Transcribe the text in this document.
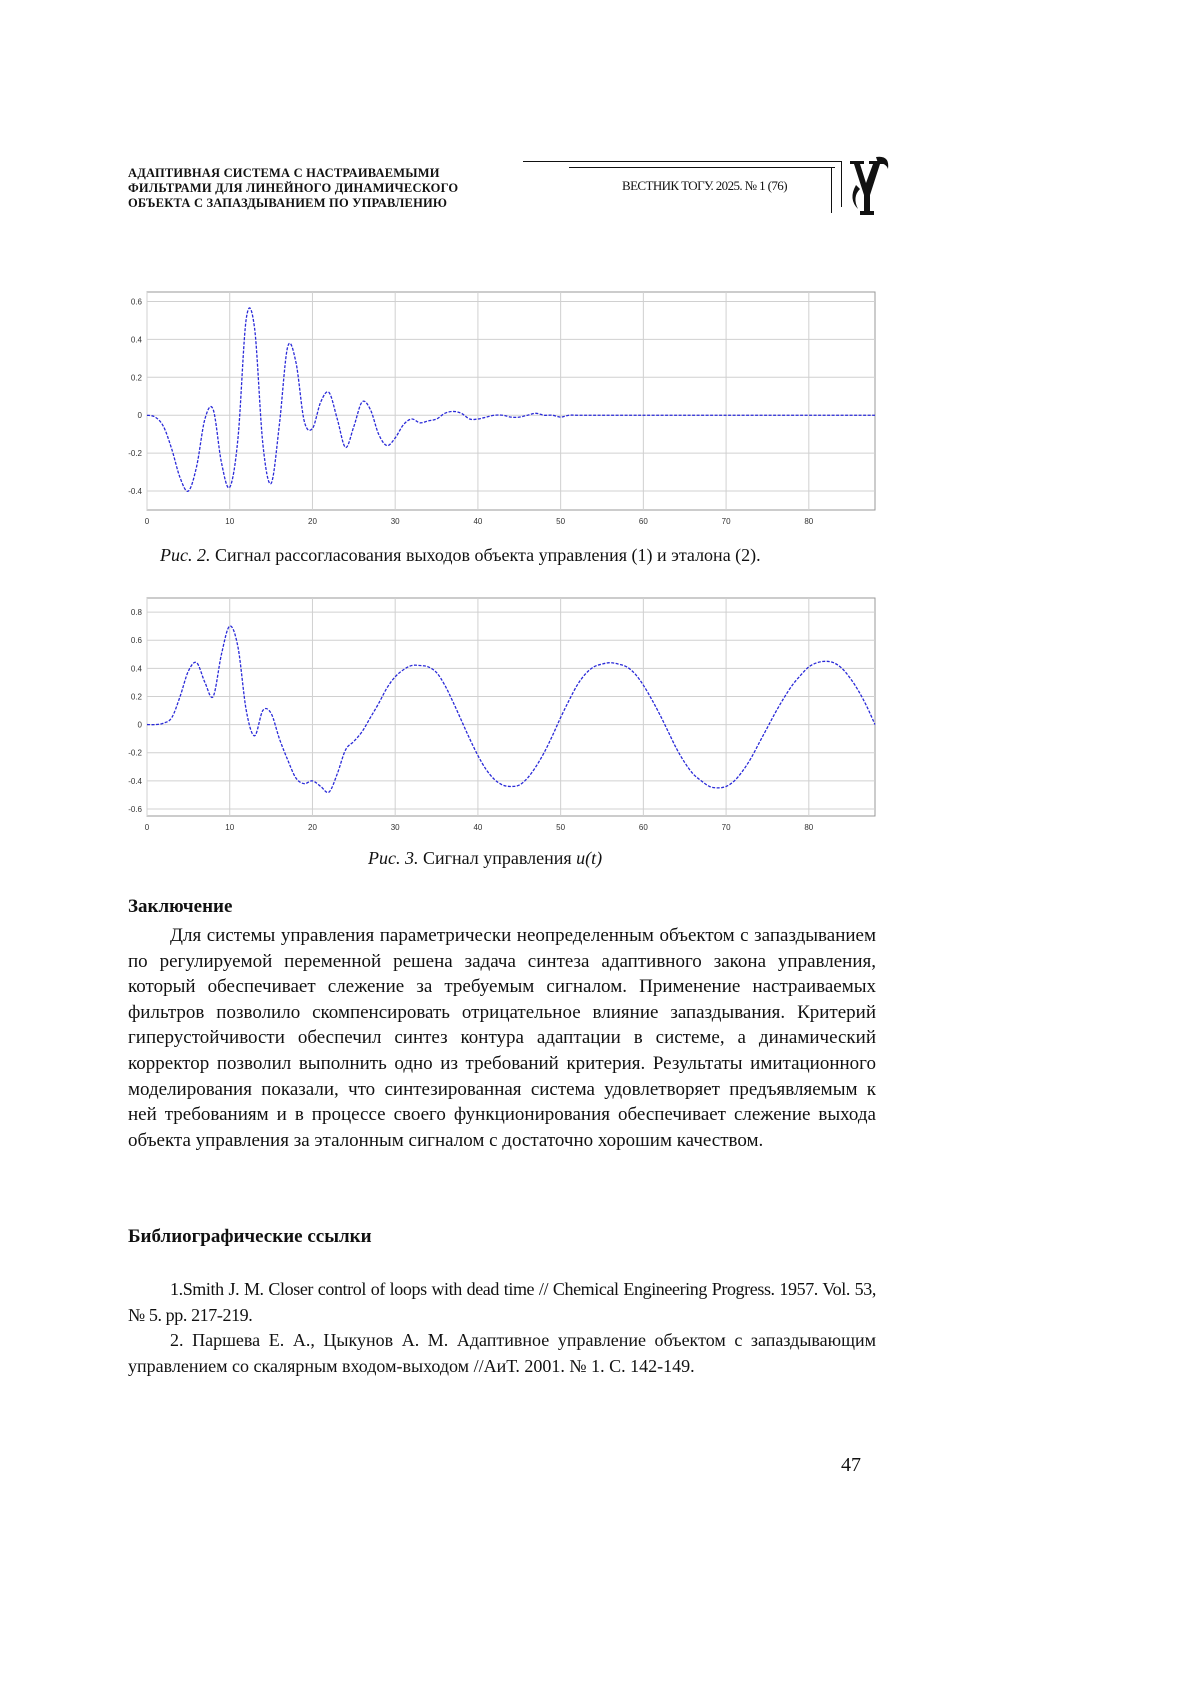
АДАПТИВНАЯ СИСТЕМА С НАСТРАИВАЕМЫМИ
ФИЛЬТРАМИ ДЛЯ ЛИНЕЙНОГО ДИНАМИЧЕСКОГО
ОБЪЕКТА С ЗАПАЗДЫВАНИЕМ ПО УПРАВЛЕНИЮ
ВЕСТНИК ТОГУ. 2025. № 1 (76)
0	10	20	30	40	50	60	70	80
0.6
0.4
0.2
0
-0.2
-0.4
Рис. 2. Сигнал рассогласования выходов объекта управления (1) и эталона (2).
0	10	20	30	40	50	60	70	80
0.8
0.6
0.4
0.2
0
-0.2
-0.4
-0.6
Рис. 3. Сигнал управления u(t)
Заключение
Для системы управления параметрически неопределенным объектом с запаздыванием по регулируемой переменной решена задача синтеза адаптивного закона управления, который обеспечивает слежение за требуемым сигналом. Применение настраиваемых фильтров позволило скомпенсировать отрицательное влияние запаздывания. Критерий гиперустойчивости обеспечил синтез контура адаптации в системе, а динамический корректор позволил выполнить одно из требований критерия. Результаты имитационного моделирования показали, что синтезированная система удовлетворяет предъявляемым к ней требованиям и в процессе своего функционирования обеспечивает слежение выхода объекта управления за эталонным сигналом с достаточно хорошим качеством.
Библиографические ссылки
1.Smith J. M. Closer control of loops with dead time // Chemical Engineering Progress. 1957. Vol. 53, № 5. pp. 217-219.
2. Паршева Е. А., Цыкунов А. М. Адаптивное управление объектом с запаздывающим управлением со скалярным входом-выходом //АиТ. 2001. № 1. С. 142-149.
47
